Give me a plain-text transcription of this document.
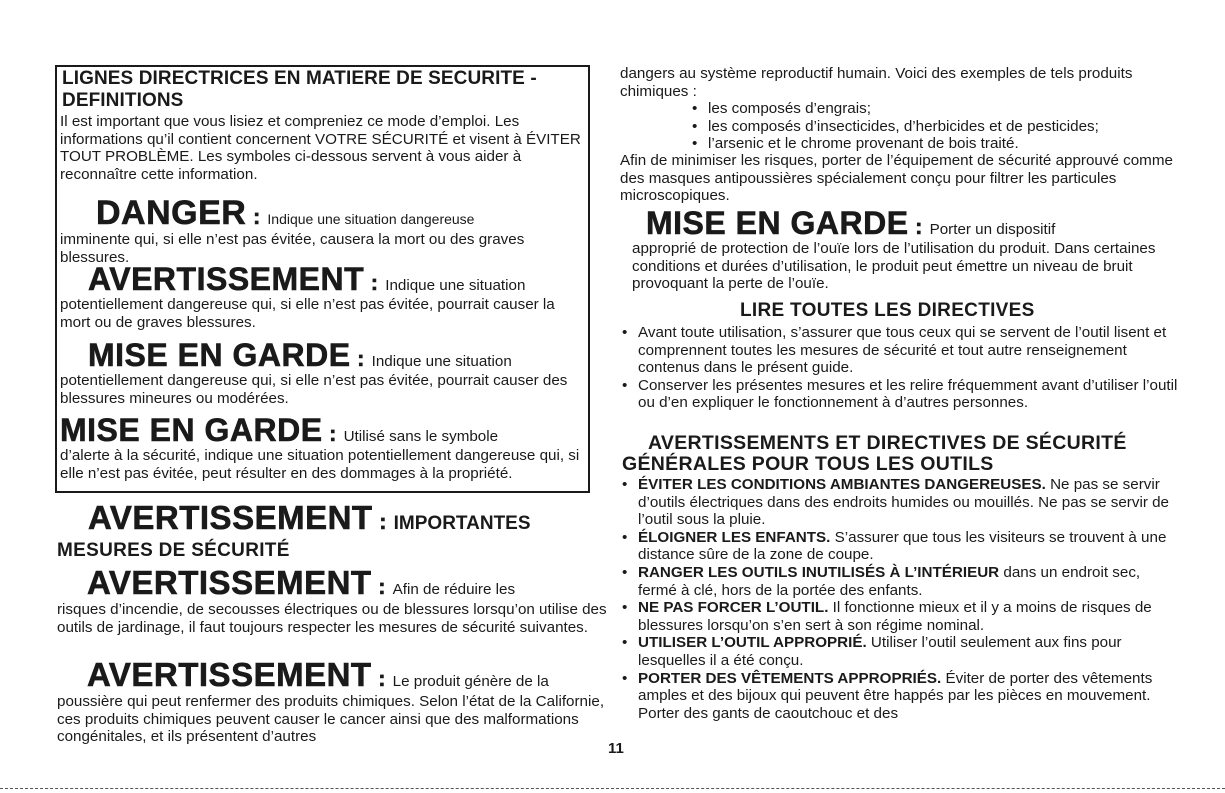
LIGNES DIRECTRICES EN MATIERE DE SECURITE -
DEFINITIONS
Il est important que vous lisiez et compreniez ce mode d’emploi. Les informations qu’il contient concernent VOTRE SÉCURITÉ et visent à ÉVITER TOUT PROBLÈME. Les symboles ci-dessous servent à vous aider à reconnaître cette information.
DANGER : Indique une situation dangereuse
imminente qui, si elle n’est pas évitée, causera la mort ou des graves blessures.
AVERTISSEMENT : Indique une situation
potentiellement dangereuse qui, si elle n’est pas évitée, pourrait causer la mort ou de graves blessures.
MISE EN GARDE : Indique une situation
potentiellement dangereuse qui, si elle n’est pas évitée, pourrait causer des blessures mineures ou modérées.
MISE EN GARDE : Utilisé sans le symbole
d’alerte à la sécurité, indique une situation potentiellement dangereuse qui, si elle n’est pas évitée, peut résulter en des dommages à la propriété.
AVERTISSEMENT : IMPORTANTES
MESURES DE SÉCURITÉ
AVERTISSEMENT : Afin de réduire les
risques d’incendie, de secousses électriques ou de blessures lorsqu’on utilise des outils de jardinage, il faut toujours respecter les mesures de sécurité suivantes.
AVERTISSEMENT : Le produit génère de la
poussière qui peut renfermer des produits chimiques. Selon l’état de la Californie, ces produits chimiques peuvent causer le cancer ainsi que des malformations congénitales, et ils présentent d’autres
11
dangers au système reproductif humain. Voici des exemples de tels produits chimiques :
• les composés d’engrais;
• les composés d’insecticides, d’herbicides et de pesticides;
• l’arsenic et le chrome provenant de bois traité.
Afin de minimiser les risques, porter de l’équipement de sécurité approuvé comme des masques antipoussières spécialement conçu pour filtrer les particules microscopiques.
MISE EN GARDE : Porter un dispositif

approprié de protection de l’ouïe lors de l’utilisation du produit. Dans certaines conditions et durées d’utilisation, le produit peut émettre un niveau de bruit provoquant la perte de l’ouïe.
LIRE TOUTES LES DIRECTIVES
• Avant toute utilisation, s’assurer que tous ceux qui se servent de l’outil lisent et comprennent toutes les mesures de sécurité et tout autre renseignement contenus dans le présent guide.
• Conserver les présentes mesures et les relire fréquemment avant d’utiliser l’outil ou d’en expliquer le fonctionnement à d’autres personnes.
AVERTISSEMENTS ET DIRECTIVES DE SÉCURITÉ
GÉNÉRALES POUR TOUS LES OUTILS
• ÉVITER LES CONDITIONS AMBIANTES DANGEREUSES. Ne pas se servir d’outils électriques dans des endroits humides ou mouillés. Ne pas se servir de l’outil sous la pluie.
• ÉLOIGNER LES ENFANTS. S’assurer que tous les visiteurs se trouvent à une distance sûre de la zone de coupe.
• RANGER LES OUTILS INUTILISÉS À L’INTÉRIEUR dans un endroit sec, fermé à clé, hors de la portée des enfants.
• NE PAS FORCER L’OUTIL. Il fonctionne mieux et il y a moins de risques de blessures lorsqu’on s’en sert à son régime nominal.
• UTILISER L’OUTIL APPROPRIÉ. Utiliser l’outil seulement aux fins pour lesquelles il a été conçu.
• PORTER DES VÊTEMENTS APPROPRIÉS. Éviter de porter des vêtements amples et des bijoux qui peuvent être happés par les pièces en mouvement. Porter des gants de caoutchouc et des
